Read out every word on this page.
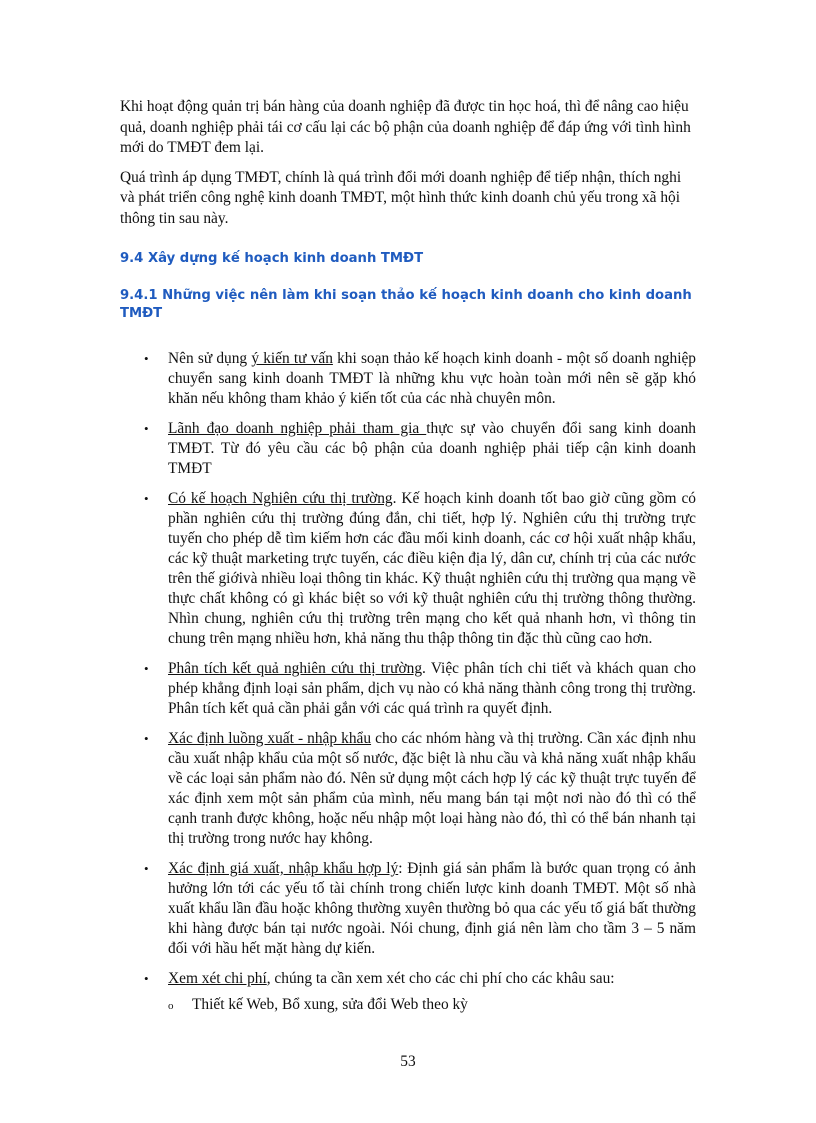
Khi hoạt động quản trị bán hàng của doanh nghiệp đã được tin học hoá, thì để nâng cao hiệu quả, doanh nghiệp phải tái cơ cấu lại các bộ phận của doanh nghiệp để đáp ứng với tình hình mới do TMĐT đem lại.

Quá trình áp dụng TMĐT, chính là quá trình đổi mới doanh nghiệp để tiếp nhận, thích nghi và phát triển công nghệ kinh doanh TMĐT, một hình thức kinh doanh chủ yếu trong xã hội thông tin sau này.

9.4 Xây dựng kế hoạch kinh doanh TMĐT
9.4.1 Những việc nên làm khi soạn thảo kế hoạch kinh doanh cho kinh doanh TMĐT
• Nên sử dụng ý kiến tư vấn khi soạn thảo kế hoạch kinh doanh - một số doanh nghiệp chuyển sang kinh doanh TMĐT là những khu vực hoàn toàn mới nên sẽ gặp khó khăn nếu không tham khảo ý kiến tốt của các nhà chuyên môn.
• Lãnh đạo doanh nghiệp phải tham gia thực sự vào chuyển đổi sang kinh doanh TMĐT. Từ đó yêu cầu các bộ phận của doanh nghiệp phải tiếp cận kinh doanh TMĐT
• Có kế hoạch Nghiên cứu thị trường. Kế hoạch kinh doanh tốt bao giờ cũng gồm có phần nghiên cứu thị trường đúng đắn, chi tiết, hợp lý. Nghiên cứu thị trường trực tuyến cho phép dễ tìm kiếm hơn các đầu mối kinh doanh, các cơ hội xuất nhập khẩu, các kỹ thuật marketing trực tuyến, các điều kiện địa lý, dân cư, chính trị của các nước trên thế giớivà nhiều loại thông tin khác. Kỹ thuật nghiên cứu thị trường qua mạng về thực chất không có gì khác biệt so với kỹ thuật nghiên cứu thị trường thông thường. Nhìn chung, nghiên cứu thị trường trên mạng cho kết quả nhanh hơn, vì thông tin chung trên mạng nhiều hơn, khả năng thu thập thông tin đặc thù cũng cao hơn.
• Phân tích kết quả nghiên cứu thị trường. Việc phân tích chi tiết và khách quan cho phép khẳng định loại sản phẩm, dịch vụ nào có khả năng thành công trong thị trường. Phân tích kết quả cần phải gắn với các quá trình ra quyết định.
• Xác định luồng xuất - nhập khẩu cho các nhóm hàng và thị trường. Cần xác định nhu cầu xuất nhập khẩu của một số nước, đặc biệt là nhu cầu và khả năng xuất nhập khẩu về các loại sản phẩm nào đó. Nên sử dụng một cách hợp lý các kỹ thuật trực tuyến để xác định xem một sản phẩm của mình, nếu mang bán tại một nơi nào đó thì có thể cạnh tranh được không, hoặc nếu nhập một loại hàng nào đó, thì có thể bán nhanh tại thị trường trong nước hay không.
• Xác định giá xuất, nhập khẩu hợp lý: Định giá sản phẩm là bước quan trọng có ảnh hưởng lớn tới các yếu tố tài chính trong chiến lược kinh doanh TMĐT. Một số nhà xuất khẩu lần đầu hoặc không thường xuyên thường bỏ qua các yếu tố giá bất thường khi hàng được bán tại nước ngoài. Nói chung, định giá nên làm cho tầm 3 – 5 năm đối với hầu hết mặt hàng dự kiến.
• Xem xét chi phí, chúng ta cần xem xét cho các chi phí cho các khâu sau:
o Thiết kế Web, Bổ xung, sửa đổi Web theo kỳ
53
